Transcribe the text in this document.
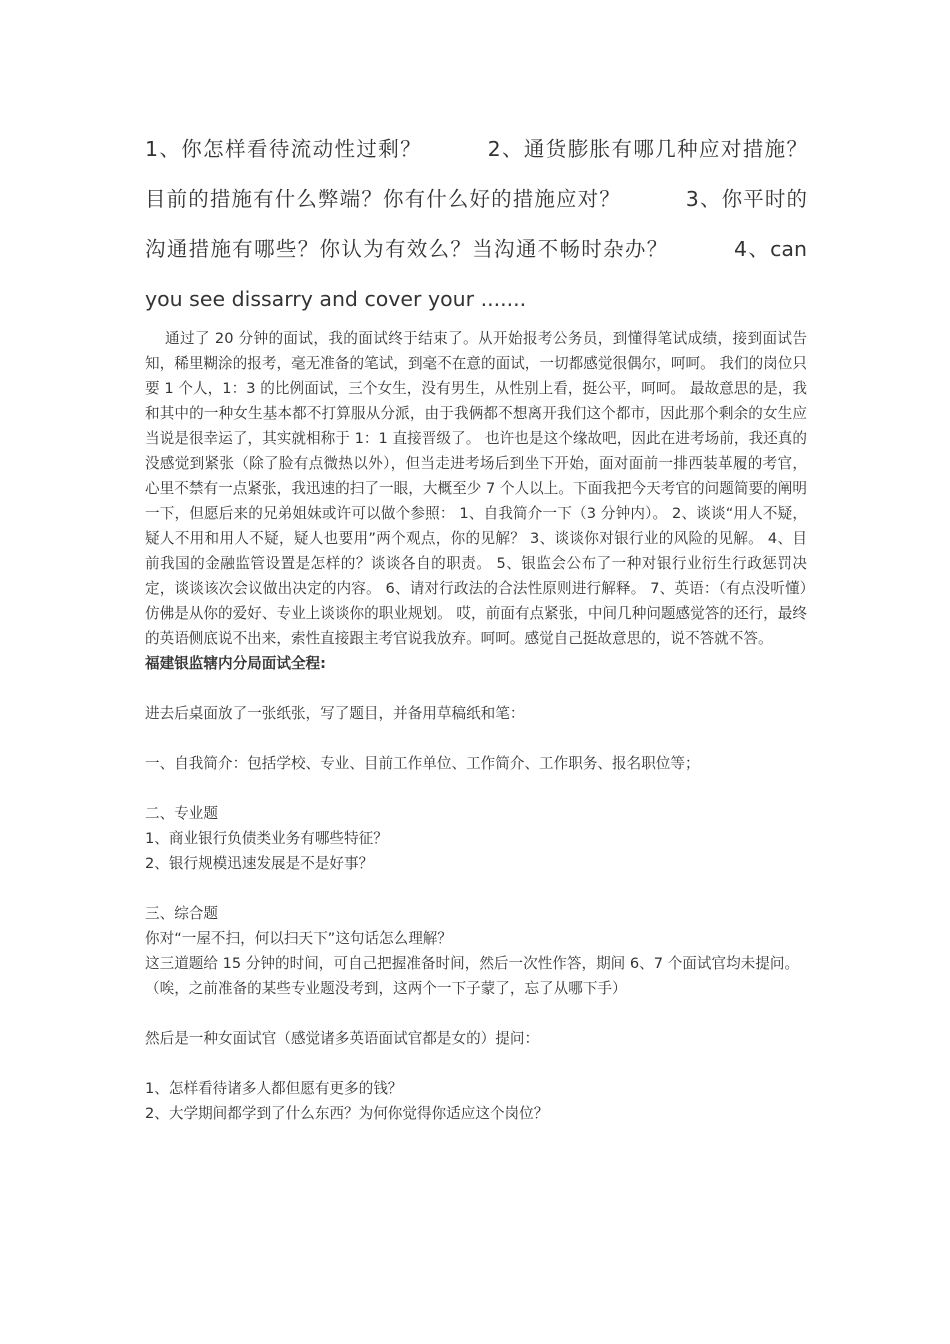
1、你怎样看待流动性过剩？　　　2、通货膨胀有哪几种应对措施？

目前的措施有什么弊端？你有什么好的措施应对？　　　3、你平时的

沟通措施有哪些？你认为有效么？当沟通不畅时杂办？　　　4、can

you see dissarry and cover your .......

通过了 20 分钟的面试，我的面试终于结束了。从开始报考公务员，到懂得笔试成绩，接到面试告知，稀里糊涂的报考，毫无准备的笔试，到毫不在意的面试，一切都感觉很偶尔，呵呵。 我们的岗位只要 1 个人，1：3 的比例面试，三个女生，没有男生，从性别上看，挺公平，呵呵。 最故意思的是，我和其中的一种女生基本都不打算服从分派，由于我俩都不想离开我们这个都市，因此那个剩余的女生应当说是很幸运了，其实就相称于 1：1 直接晋级了。 也许也是这个缘故吧，因此在进考场前，我还真的没感觉到紧张（除了脸有点微热以外），但当走进考场后到坐下开始，面对面前一排西装革履的考官，心里不禁有一点紧张，我迅速的扫了一眼，大概至少 7 个人以上。下面我把今天考官的问题简要的阐明一下，但愿后来的兄弟姐妹或许可以做个参照： 1、自我简介一下（3 分钟内）。 2、谈谈“用人不疑，疑人不用和用人不疑，疑人也要用”两个观点，你的见解？ 3、谈谈你对银行业的风险的见解。 4、目前我国的金融监管设置是怎样的？谈谈各自的职责。 5、银监会公布了一种对银行业衍生行政惩罚决定，谈谈该次会议做出决定的内容。 6、请对行政法的合法性原则进行解释。 7、英语：（有点没听懂）仿佛是从你的爱好、专业上谈谈你的职业规划。 哎，前面有点紧张，中间几种问题感觉答的还行，最终的英语侧底说不出来，索性直接跟主考官说我放弃。呵呵。感觉自己挺故意思的，说不答就不答。

福建银监辖内分局面试全程:

进去后桌面放了一张纸张，写了题目，并备用草稿纸和笔：

一、自我简介：包括学校、专业、目前工作单位、工作简介、工作职务、报名职位等；

二、专业题

1、商业银行负债类业务有哪些特征？

2、银行规模迅速发展是不是好事？

三、综合题

你对“一屋不扫，何以扫天下”这句话怎么理解？

这三道题给 15 分钟的时间，可自己把握准备时间，然后一次性作答，期间 6、7 个面试官均未提问。（唉，之前准备的某些专业题没考到，这两个一下子蒙了，忘了从哪下手）

然后是一种女面试官（感觉诸多英语面试官都是女的）提问：

1、怎样看待诸多人都但愿有更多的钱？

2、大学期间都学到了什么东西？为何你觉得你适应这个岗位？
